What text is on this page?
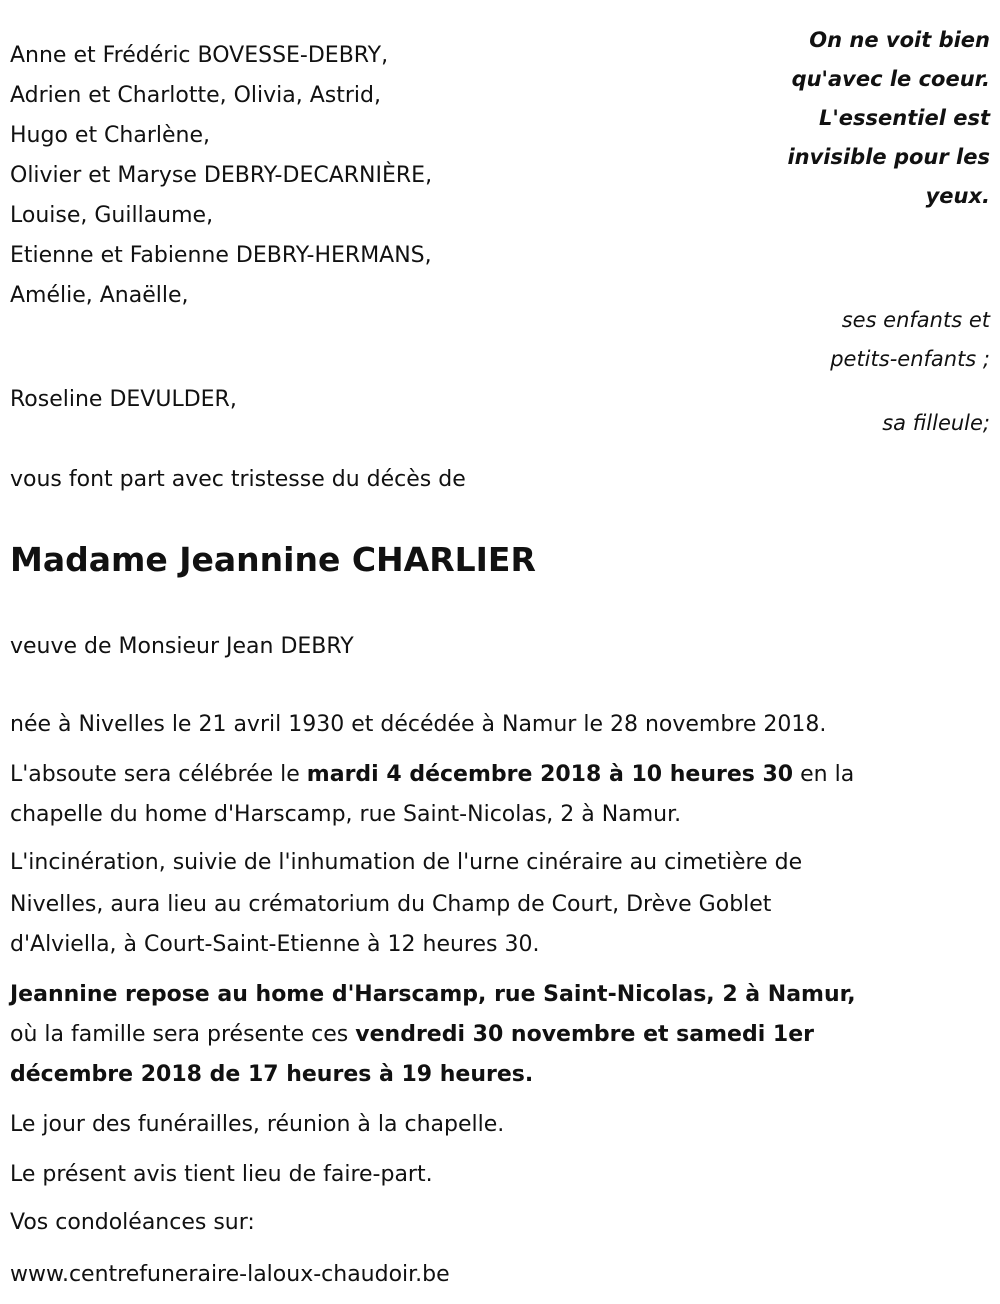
Anne et Frédéric BOVESSE-DEBRY,
Adrien et Charlotte, Olivia, Astrid,
Hugo et Charlène,
Olivier et Maryse DEBRY-DECARNIÈRE,
Louise, Guillaume,
Etienne et Fabienne DEBRY-HERMANS,
Amélie, Anaëlle,
On ne voit bien
qu'avec le coeur.
L'essentiel est
invisible pour les
yeux.
ses enfants et
petits-enfants ;
Roseline DEVULDER,
sa filleule;
vous font part avec tristesse du décès de
Madame Jeannine CHARLIER
veuve de Monsieur Jean DEBRY
née à Nivelles le 21 avril 1930 et décédée à Namur le 28 novembre 2018.
L'absoute sera célébrée le mardi 4 décembre 2018 à 10 heures 30 en la
chapelle du home d'Harscamp, rue Saint-Nicolas, 2 à Namur.
L'incinération, suivie de l'inhumation de l'urne cinéraire au cimetière de
Nivelles, aura lieu au crématorium du Champ de Court, Drève Goblet
d'Alviella, à Court-Saint-Etienne à 12 heures 30.
Jeannine repose au home d'Harscamp, rue Saint-Nicolas, 2 à Namur,
où la famille sera présente ces vendredi 30 novembre et samedi 1er
décembre 2018 de 17 heures à 19 heures.
Le jour des funérailles, réunion à la chapelle.
Le présent avis tient lieu de faire-part.
Vos condoléances sur:
www.centrefuneraire-laloux-chaudoir.be
